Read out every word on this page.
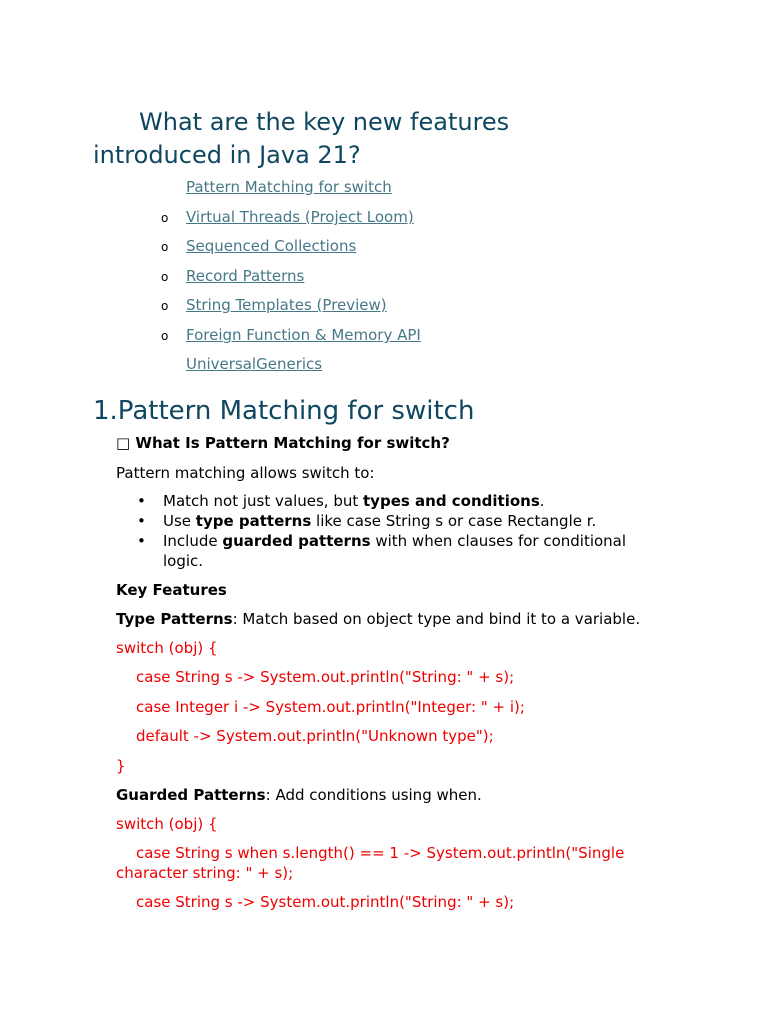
What are the key new features
introduced in Java 21?
Pattern Matching for switch
o Virtual Threads (Project Loom)
o Sequenced Collections
o Record Patterns
o String Templates (Preview)
o Foreign Function & Memory API
UniversalGenerics
1.Pattern Matching for switch
□ What Is Pattern Matching for switch?
Pattern matching allows switch to:
• Match not just values, but types and conditions.
• Use type patterns like case String s or case Rectangle r.
• Include guarded patterns with when clauses for conditional logic.
Key Features
Type Patterns: Match based on object type and bind it to a variable.
switch (obj) {
case String s -> System.out.println("String: " + s);
case Integer i -> System.out.println("Integer: " + i);
default -> System.out.println("Unknown type");
}
Guarded Patterns: Add conditions using when.
switch (obj) {
case String s when s.length() == 1 -> System.out.println("Single character string: " + s);
case String s -> System.out.println("String: " + s);
